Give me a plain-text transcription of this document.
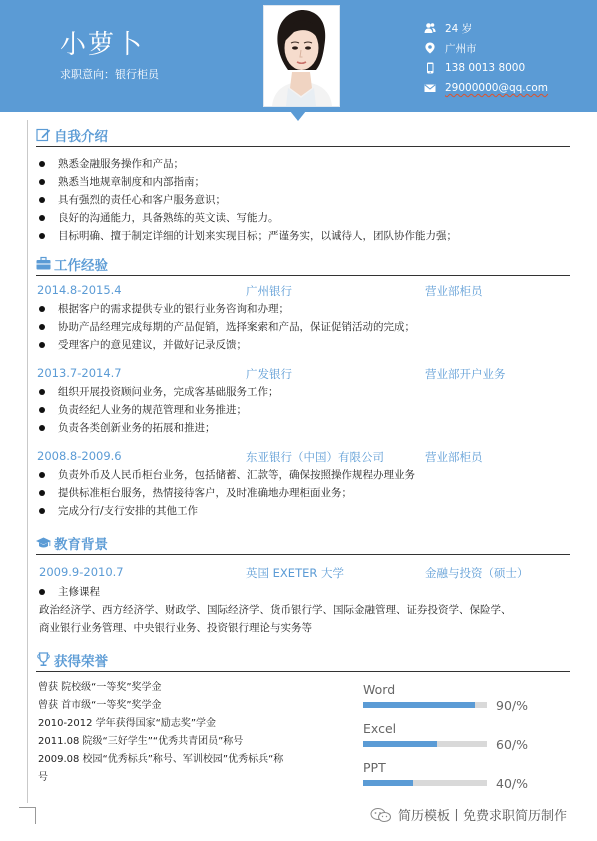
小萝卜
求职意向：银行柜员
24 岁
广州市
138 0013 8000
29000000@qq.com
自我介绍
熟悉金融服务操作和产品；
熟悉当地规章制度和内部指南；
具有强烈的责任心和客户服务意识；
良好的沟通能力，具备熟练的英文读、写能力。
目标明确、擅于制定详细的计划来实现目标；严谨务实，以诚待人，团队协作能力强；
工作经验
2014.8-2015.4	广州银行	营业部柜员
根据客户的需求提供专业的银行业务咨询和办理；
协助产品经理完成每期的产品促销，选择案索和产品，保证促销活动的完成；
受理客户的意见建议，并做好记录反馈；
2013.7-2014.7	广发银行	营业部开户业务
组织开展投资顾问业务，完成客基础服务工作；
负责经纪人业务的规范管理和业务推进；
负责各类创新业务的拓展和推进；
2008.8-2009.6	东亚银行（中国）有限公司	营业部柜员
负责外币及人民币柜台业务，包括储蓄、汇款等，确保按照操作规程办理业务
提供标准柜台服务，热情接待客户，及时准确地办理柜面业务；
完成分行/支行安排的其他工作
教育背景
2009.9-2010.7	英国 EXETER 大学	金融与投资（硕士）
主修课程
政治经济学、西方经济学、财政学、国际经济学、货币银行学、国际金融管理、证券投资学、保险学、
商业银行业务管理、中央银行业务、投资银行理论与实务等
获得荣誉
曾获 院校级“一等奖”奖学金
曾获 首市级“一等奖”奖学金
2010-2012 学年获得国家“励志奖”学金
2011.08 院级“三好学生”“优秀共青团员”称号
2009.08 校园“优秀标兵”称号、军训校园”优秀标兵“称
号
Word
90/%
Excel
60/%
PPT
40/%
简历模板丨免费求职简历制作
